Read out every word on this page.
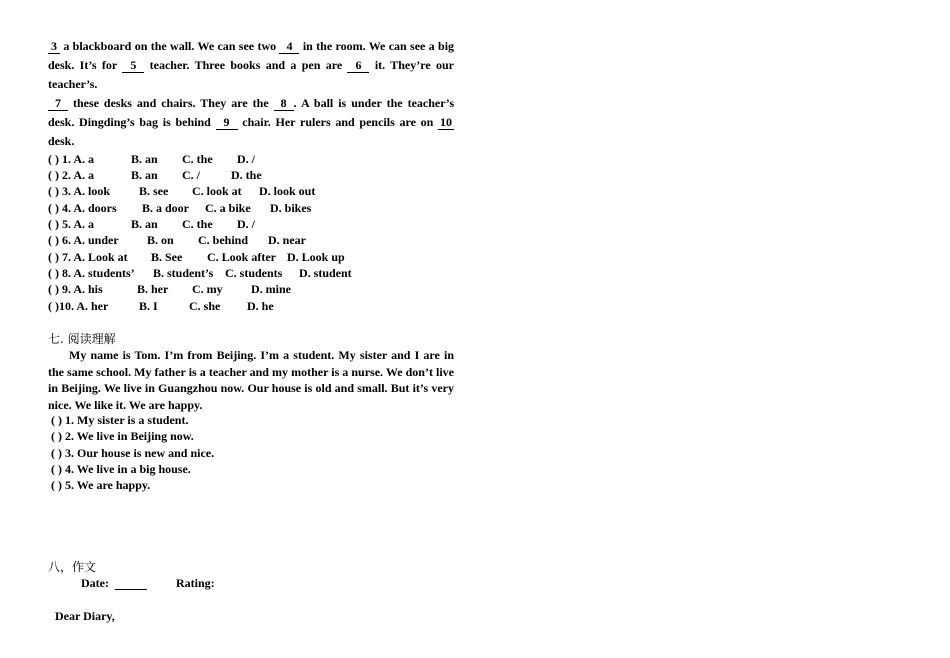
3 a blackboard on the wall. We can see two 4 in the room. We can see a big desk. It’s for 5 teacher. Three books and a pen are 6 it. They’re our teacher’s.

7 these desks and chairs. They are the 8 . A ball is under the teacher’s desk. Dingding’s bag is behind 9 chair. Her rulers and pencils are on 10 desk.

( ) 1. A. a	B. an C. the D. /
( ) 2. A. a	B. an C. /	D. the
( ) 3. A. look B. see C. look at D. look out
( ) 4. A. doors B. a door C. a bike D. bikes
( ) 5. A. a	B. an C. the D. /
( ) 6. A. under B. on C. behind D. near
( ) 7. A. Look at B. See C. Look after D. Look up
( ) 8. A. students’ B. student’s C. students D. student
( ) 9. A. his	B. her C. my D. mine
( )10. A. her	B. I	C. she D. he
七. 阅读理解

My name is Tom. I’m from Beijing. I’m a student. My sister and I are in the same school. My father is a teacher and my mother is a nurse. We don’t live in Beijing. We live in Guangzhou now. Our house is old and small. But it’s very nice. We like it. We are happy.

( ) 1. My sister is a student.
( ) 2. We live in Beijing now.
( ) 3. Our house is new and nice.
( ) 4. We live in a big house.
( ) 5. We are happy.
八，作文
Date:	Rating:
Dear Diary,
